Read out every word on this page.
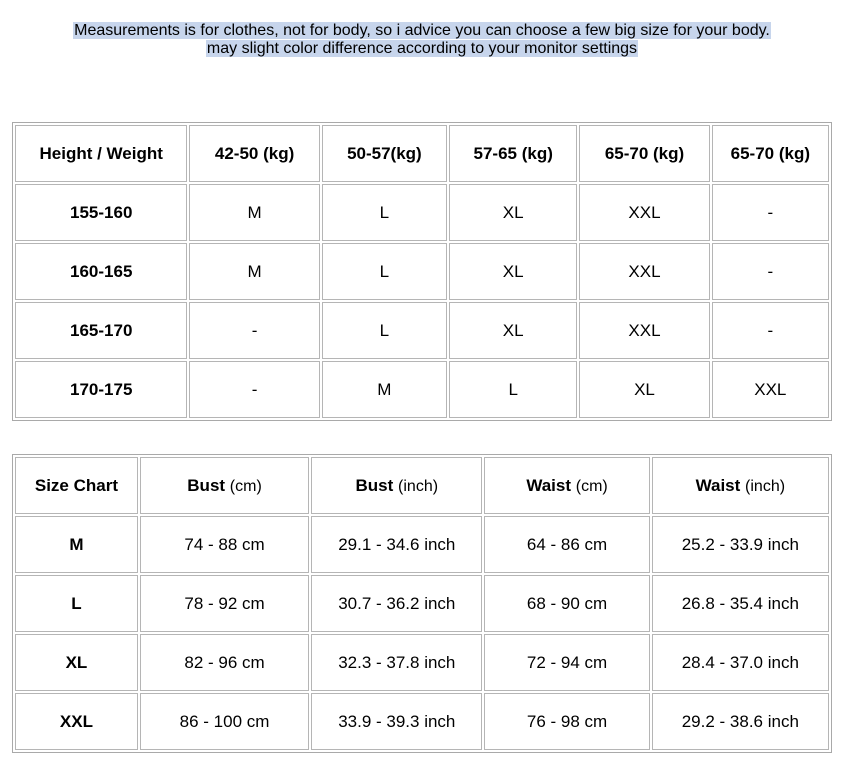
Measurements is for clothes, not for body, so i advice you can choose a few big size for your body.
may slight color difference according to your monitor settings
Height / Weight	42-50 (kg)	50-57(kg)	57-65 (kg)	65-70 (kg)	65-70 (kg)
155-160	M	L	XL	XXL	-
160-165	M	L	XL	XXL	-
165-170	-	L	XL	XXL	-
170-175	-	M	L	XL	XXL
Size Chart	Bust (cm)	Bust (inch)	Waist (cm)	Waist (inch)
M	74 - 88 cm	29.1 - 34.6 inch	64 - 86 cm	25.2 - 33.9 inch
L	78 - 92 cm	30.7 - 36.2 inch	68 - 90 cm	26.8 - 35.4 inch
XL	82 - 96 cm	32.3 - 37.8 inch	72 - 94 cm	28.4 - 37.0 inch
XXL	86 - 100 cm	33.9 - 39.3 inch	76 - 98 cm	29.2 - 38.6 inch
